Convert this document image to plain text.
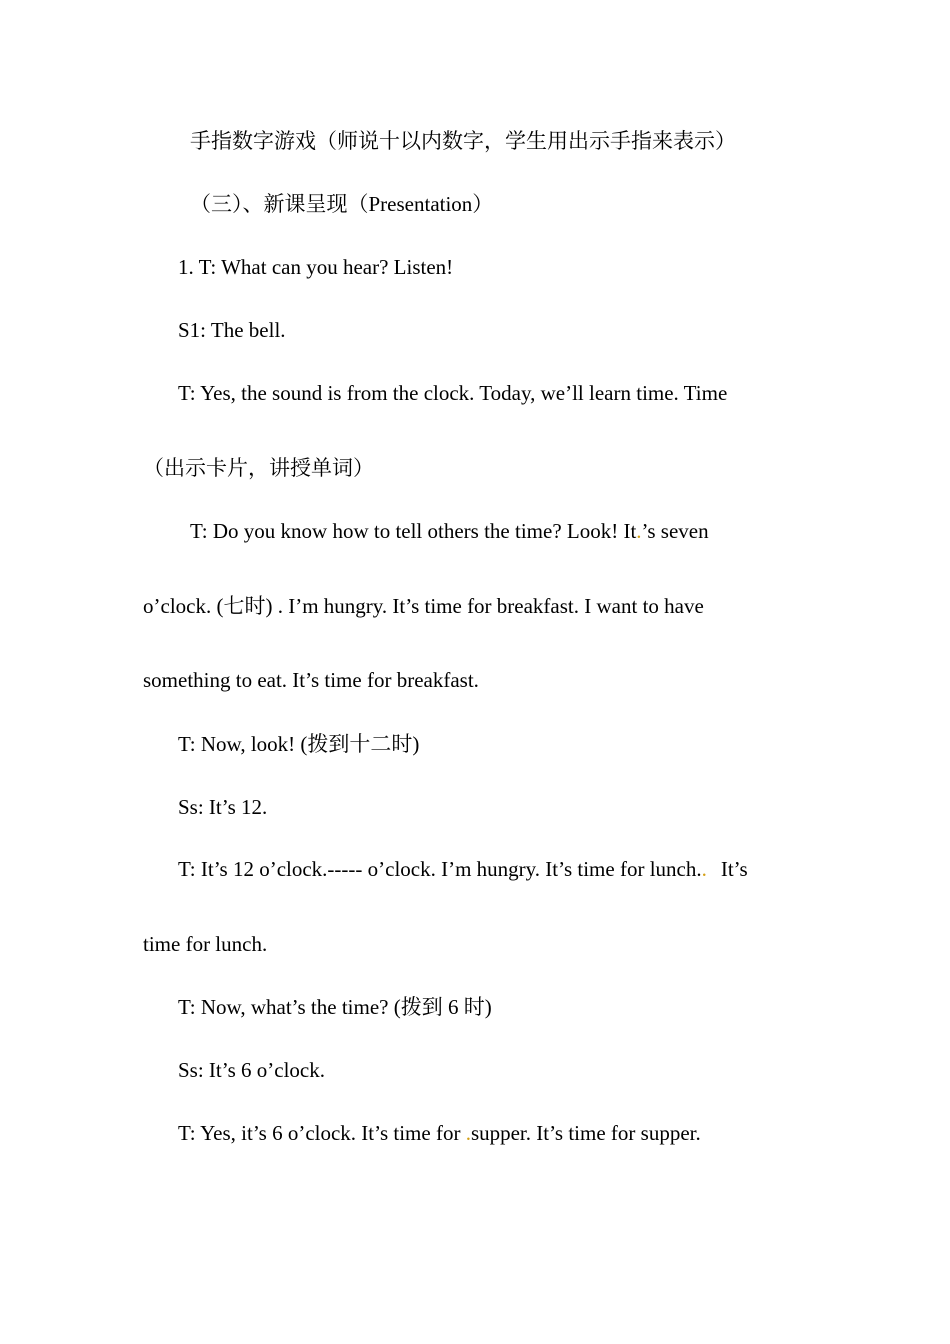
手指数字游戏（师说十以内数字，学生用出示手指来表示）
（三）、新课呈现（Presentation）
1. T: What can you hear? Listen!
S1: The bell.
T: Yes, the sound is from the clock. Today, we’ll learn time. Time
（出示卡片，讲授单词）
T: Do you know how to tell others the time? Look! It.’s seven
o’clock. (七时) . I’m hungry. It’s time for breakfast. I want to have
something to eat. It’s time for breakfast.
T: Now, look! (拨到十二时)
Ss: It’s 12.
T: It’s 12 o’clock.----- o’clock. I’m hungry. It’s time for lunch.. It’s
time for lunch.
T: Now, what’s the time? (拨到 6 时)
Ss: It’s 6 o’clock.
T: Yes, it’s 6 o’clock. It’s time for .supper. It’s time for supper.
